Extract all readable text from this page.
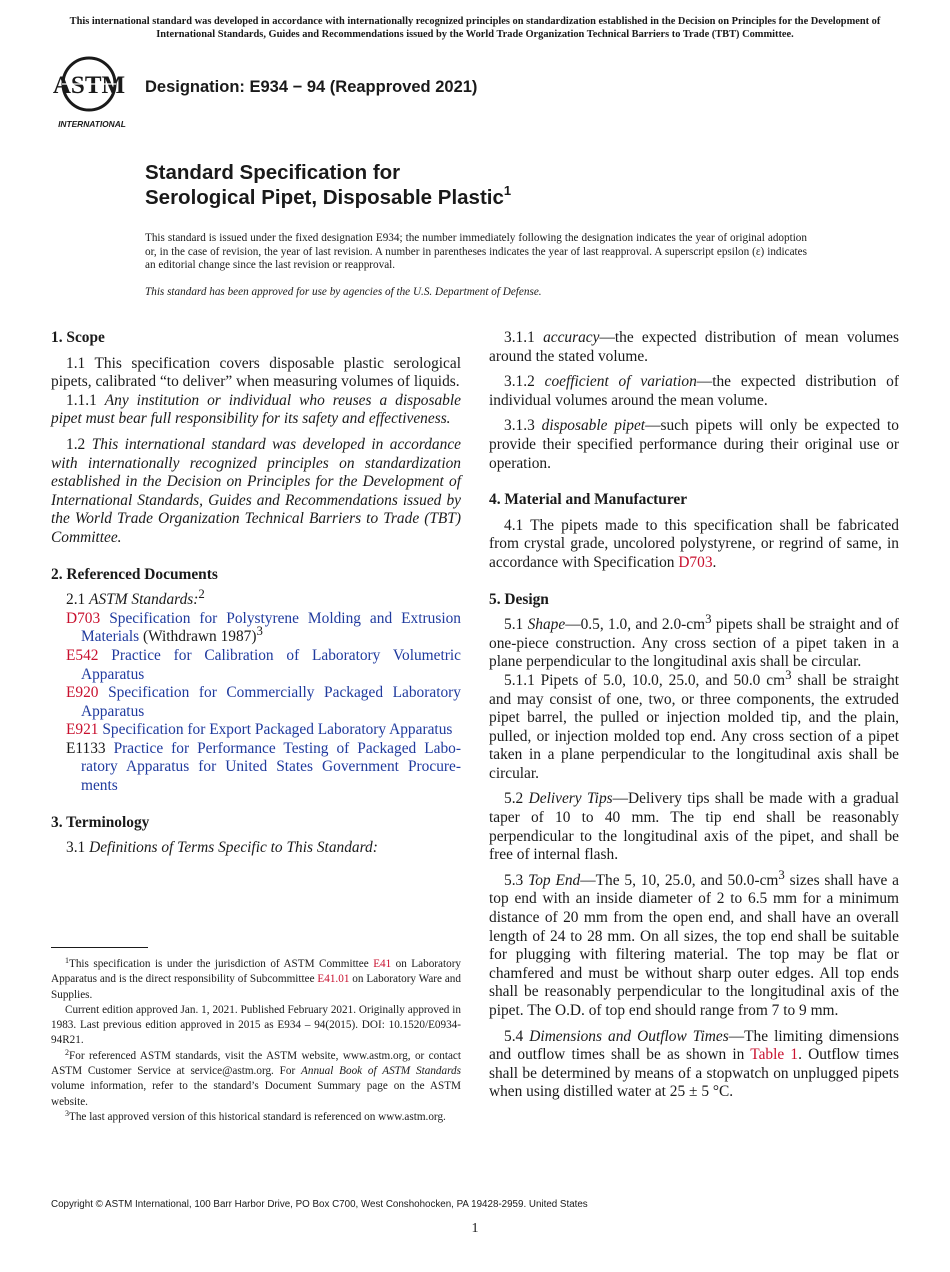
This international standard was developed in accordance with internationally recognized principles on standardization established in the Decision on Principles for the Development of International Standards, Guides and Recommendations issued by the World Trade Organization Technical Barriers to Trade (TBT) Committee.
ASTM
INTERNATIONAL
Designation: E934 − 94 (Reapproved 2021)
Standard Specification for
Serological Pipet, Disposable Plastic$^1$
This standard is issued under the fixed designation E934; the number immediately following the designation indicates the year of original adoption or, in the case of revision, the year of last revision. A number in parentheses indicates the year of last reapproval. A superscript epsilon (ε) indicates an editorial change since the last revision or reapproval.
This standard has been approved for use by agencies of the U.S. Department of Defense.
1. Scope

1.1 This specification covers disposable plastic serological pipets, calibrated “to deliver” when measuring volumes of liquids.

1.1.1 Any institution or individual who reuses a disposable pipet must bear full responsibility for its safety and effectiveness.

1.2 This international standard was developed in accordance with internationally recognized principles on standardization established in the Decision on Principles for the Development of International Standards, Guides and Recommendations issued by the World Trade Organization Technical Barriers to Trade (TBT) Committee.

2. Referenced Documents

2.1 ASTM Standards:$^2$

D703 Specification for Polystyrene Molding and Extrusion Materials (Withdrawn 1987)$^3$

E542 Practice for Calibration of Laboratory Volumetric Apparatus

E920 Specification for Commercially Packaged Laboratory Apparatus

E921 Specification for Export Packaged Laboratory Apparatus

E1133 Practice for Performance Testing of Packaged Laboratory Apparatus for United States Government Procurements

3. Terminology

3.1 Definitions of Terms Specific to This Standard:

$^1$This specification is under the jurisdiction of ASTM Committee E41 on Laboratory Apparatus and is the direct responsibility of Subcommittee E41.01 on Laboratory Ware and Supplies.

Current edition approved Jan. 1, 2021. Published February 2021. Originally approved in 1983. Last previous edition approved in 2015 as E934 – 94(2015). DOI: 10.1520/E0934-94R21.

$^2$For referenced ASTM standards, visit the ASTM website, www.astm.org, or contact ASTM Customer Service at service@astm.org. For Annual Book of ASTM Standards volume information, refer to the standard’s Document Summary page on the ASTM website.

$^3$The last approved version of this historical standard is referenced on www.astm.org.

3.1.1 accuracy—the expected distribution of mean volumes around the stated volume.

3.1.2 coefficient of variation—the expected distribution of individual volumes around the mean volume.

3.1.3 disposable pipet—such pipets will only be expected to provide their specified performance during their original use or operation.

4. Material and Manufacturer

4.1 The pipets made to this specification shall be fabricated from crystal grade, uncolored polystyrene, or regrind of same, in accordance with Specification D703.

5. Design

5.1 Shape—0.5, 1.0, and $2.0-cm^3$ pipets shall be straight and of one-piece construction. Any cross section of a pipet taken in a plane perpendicular to the longitudinal axis shall be circular.

5.1.1 Pipets of 5.0, 10.0, 25.0, and 50.0 $cm^3$ shall be straight and may consist of one, two, or three components, the extruded pipet barrel, the pulled or injection molded tip, and the plain, pulled, or injection molded top end. Any cross section of a pipet taken in a plane perpendicular to the longitudinal axis shall be circular.

5.2 Delivery Tips—Delivery tips shall be made with a gradual taper of 10 to 40 mm. The tip end shall be reasonably perpendicular to the longitudinal axis of the pipet, and shall be free of internal flash.

5.3 Top End—The 5, 10, 25.0, and $50.0-cm^3$ sizes shall have a top end with an inside diameter of 2 to 6.5 mm for a minimum distance of 20 mm from the open end, and shall have an overall length of 24 to 28 mm. On all sizes, the top end shall be suitable for plugging with filtering material. The top may be flat or chamfered and must be without sharp outer edges. All top ends shall be reasonably perpendicular to the longitudinal axis of the pipet. The O.D. of top end should range from 7 to 9 mm.

5.4 Dimensions and Outflow Times—The limiting dimensions and outflow times shall be as shown in Table 1. Outflow times shall be determined by means of a stopwatch on unplugged pipets when using distilled water at 25 ± 5 °C.

Copyright © ASTM International, 100 Barr Harbor Drive, PO Box C700, West Conshohocken, PA 19428-2959. United States
1
